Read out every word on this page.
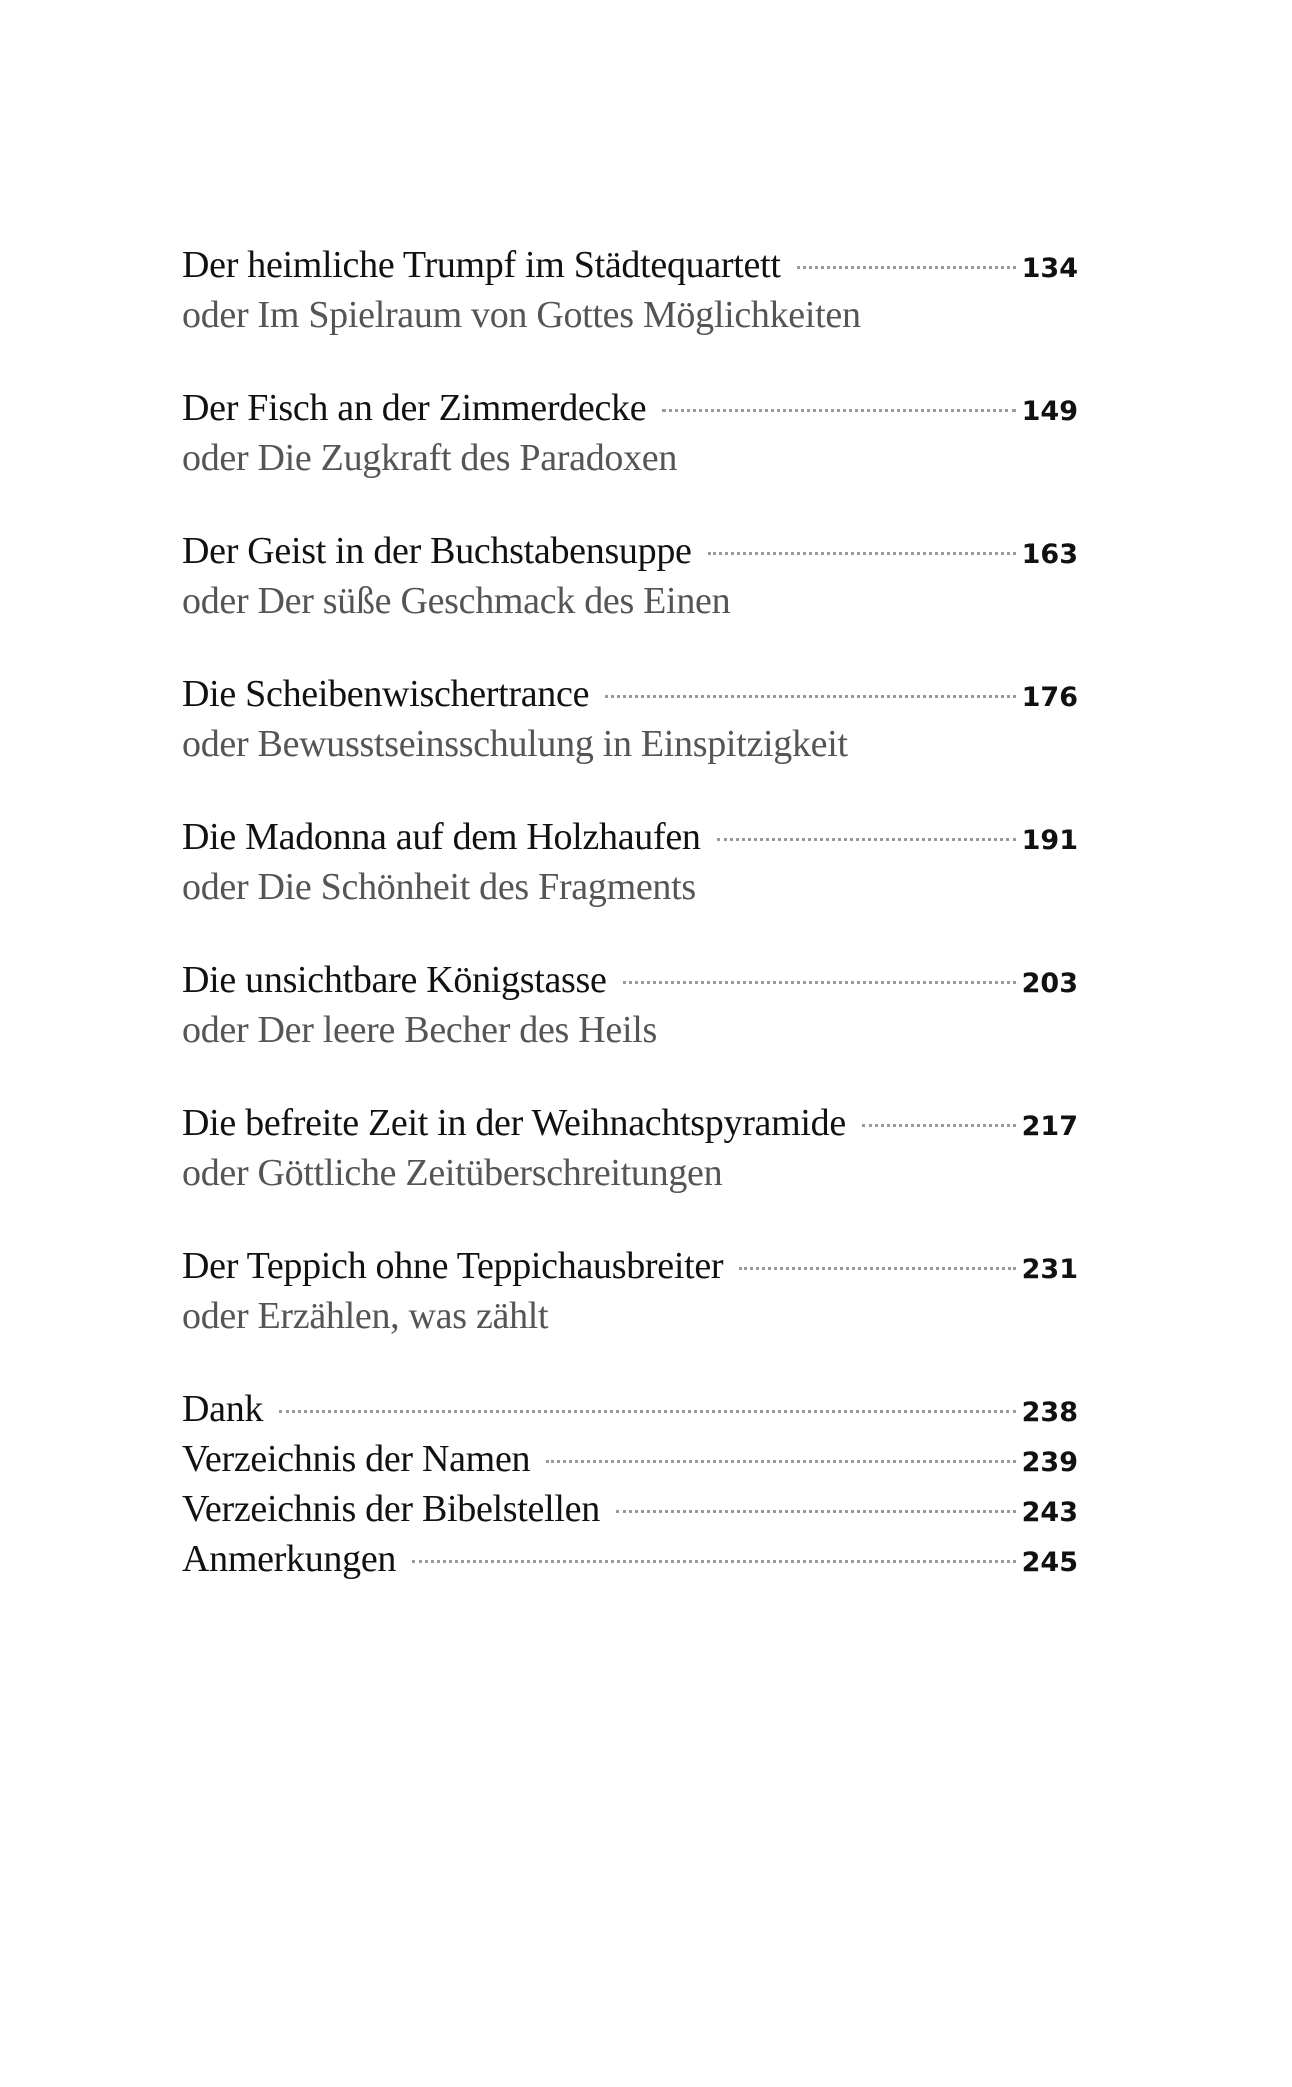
Der heimliche Trumpf im Städtequartett	134
oder Im Spielraum von Gottes Möglichkeiten
Der Fisch an der Zimmerdecke	149
oder Die Zugkraft des Paradoxen
Der Geist in der Buchstabensuppe	163
oder Der süße Geschmack des Einen
Die Scheibenwischertrance	176
oder Bewusstseinsschulung in Einspitzigkeit
Die Madonna auf dem Holzhaufen	191
oder Die Schönheit des Fragments
Die unsichtbare Königstasse	203
oder Der leere Becher des Heils
Die befreite Zeit in der Weihnachtspyramide	217
oder Göttliche Zeitüberschreitungen
Der Teppich ohne Teppichausbreiter	231
oder Erzählen, was zählt
Dank	238
Verzeichnis der Namen	239
Verzeichnis der Bibelstellen	243
Anmerkungen	245
